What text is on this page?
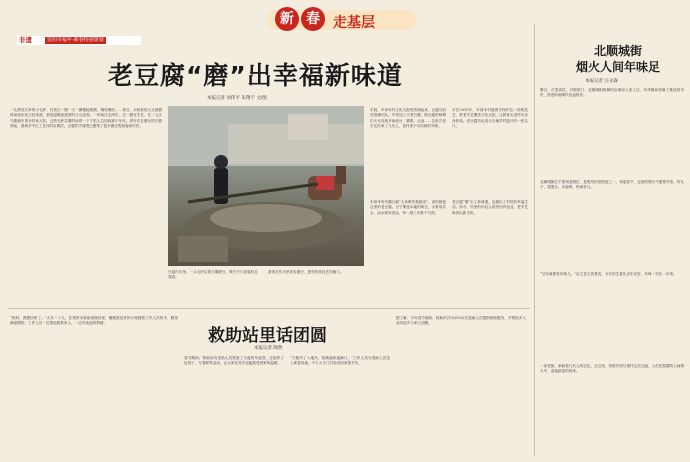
新 春 走基层
非遗	里的幸福年·新春特别策划
老豆腐“磨”出幸福新味道
本报记者 刘伟平 朱翔宇 文/图
一头黑发石草的小毛驴，仿着石一圈一又一圈慢地推磨，嘎吱嘎吱……黄豆，余粘粘的大豆被磨碎而淌出乳白色浆液，那是温暖而甜香的大豆清香。一时间过去两年，这一磨豆手艺，在二七区马寨镇车岗寺村家大院，这些毛驴拉磨的场景一下子把人拉回到那个年代。青年们在磨豆的石磨面前，看到手中红工艺伴的好做法。豆腐作坊周围已聚集了很多磨豆的游客和村民。
早晨，车岗寺村文化大院里热闹起来，豆腐坊前后排满长队。车浆加工古老石磨，做豆腐的师傅们天未亮就开始泡豆、磨浆、点卤……这套古老手艺传承了几代人，是村里不可或缺的年味。
早在2015年，车岗寺村就着手保护这一传统技艺，把老手艺搬进文化大院，让游客走进作坊亲身体验。老豆腐坊也成为当地乡村振兴的一张名片。
车岗寺有句顺口溜“人家唯有我最美”，说的就是这里的老豆腐。豆子要选本地的黄豆，水要用井水，卤水要用老卤，每一道工序都不马虎。
老豆腐“磨”出了新味道，也磨出了村民的幸福生活。如今，村里的年轻人纷纷回乡创业，老手艺焕发出新生机。
豆腐作坊里，一头毛驴拉着石磨磨豆，吸引不少游客驻足观看。
游客在作坊里体验磨豆，感受传统技艺的魅力。
救助站里话团圆
本报记者 陶然
“妈妈，我想回家了。”大年二十九，在郑州市救助管理站里，刚刚被送来的小杨握着工作人员的手，眼里满是期待。工作人员一边帮他联系家人，一边安抚他的情绪。
春节期间，救助站为受助人员准备了丰盛的年夜饭，还组织了包饺子、写春联等活动，让大家在异乡也能感受到家的温暖。
“天都冷了入地冷，春满阖家福满门。”工作人员为受助人员送上新春祝福，不少人专门打电话回家报平安。
据了解，今年春节期间，救助站共为200余名受助人员提供救助服务，并帮助多人成功返乡与家人团聚。
北顺城街
烟火人间年味足
本报记者 汪永森
腊月，灯笼高挂，对联贴门，北顺城街两侧的店铺里人来人往，年货摊前挤满了挑选的市民，熟悉的吆喝声此起彼伏。
北顺城街位于郑州老城区，是郑州的老街巷之一。每逢春节，这里的烟火气便格外浓。炸丸子、蒸馒头、卖春联，热闹非凡。
“过年就要有年味儿。”店主老王笑着说，今年的生意比去年还好，年味一年比一年浓。
一条老街，承载着几代人的记忆。在这里，传统年俗与现代生活交融，人们在熙攘的人间烟火中，迎接新春的到来。
